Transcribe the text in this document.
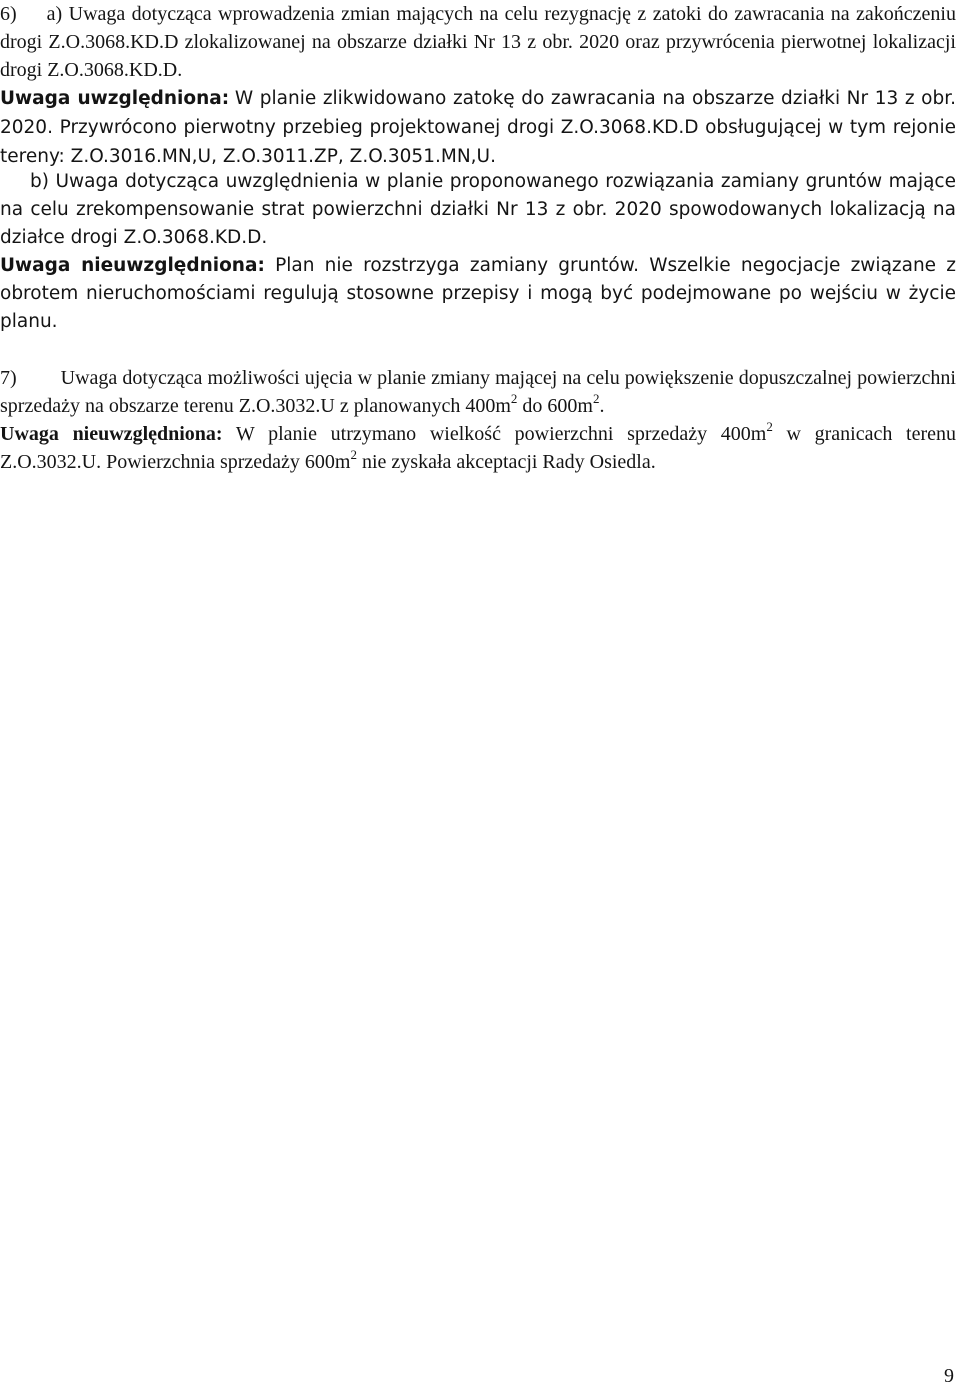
6) a) Uwaga dotycząca wprowadzenia zmian mających na celu rezygnację z zatoki do zawracania na zakończeniu drogi Z.O.3068.KD.D zlokalizowanej na obszarze działki Nr 13 z obr. 2020 oraz przywrócenia pierwotnej lokalizacji drogi Z.O.3068.KD.D.
Uwaga uwzględniona: W planie zlikwidowano zatokę do zawracania na obszarze działki Nr 13 z obr. 2020. Przywrócono pierwotny przebieg projektowanej drogi Z.O.3068.KD.D obsługującej w tym rejonie tereny: Z.O.3016.MN,U, Z.O.3011.ZP, Z.O.3051.MN,U.
b) Uwaga dotycząca uwzględnienia w planie proponowanego rozwiązania zamiany gruntów mające na celu zrekompensowanie strat powierzchni działki Nr 13 z obr. 2020 spowodowanych lokalizacją na działce drogi Z.O.3068.KD.D.
Uwaga nieuwzględniona: Plan nie rozstrzyga zamiany gruntów. Wszelkie negocjacje związane z obrotem nieruchomościami regulują stosowne przepisy i mogą być podejmowane po wejściu w życie planu.
7) Uwaga dotycząca możliwości ujęcia w planie zmiany mającej na celu powiększenie dopuszczalnej powierzchni sprzedaży na obszarze terenu Z.O.3032.U z planowanych $400m^2$ do $600m^2$.
Uwaga nieuwzględniona: W planie utrzymano wielkość powierzchni sprzedaży $400m^2$ w granicach terenu Z.O.3032.U. Powierzchnia sprzedaży $600m^2$ nie zyskała akceptacji Rady Osiedla.
9
